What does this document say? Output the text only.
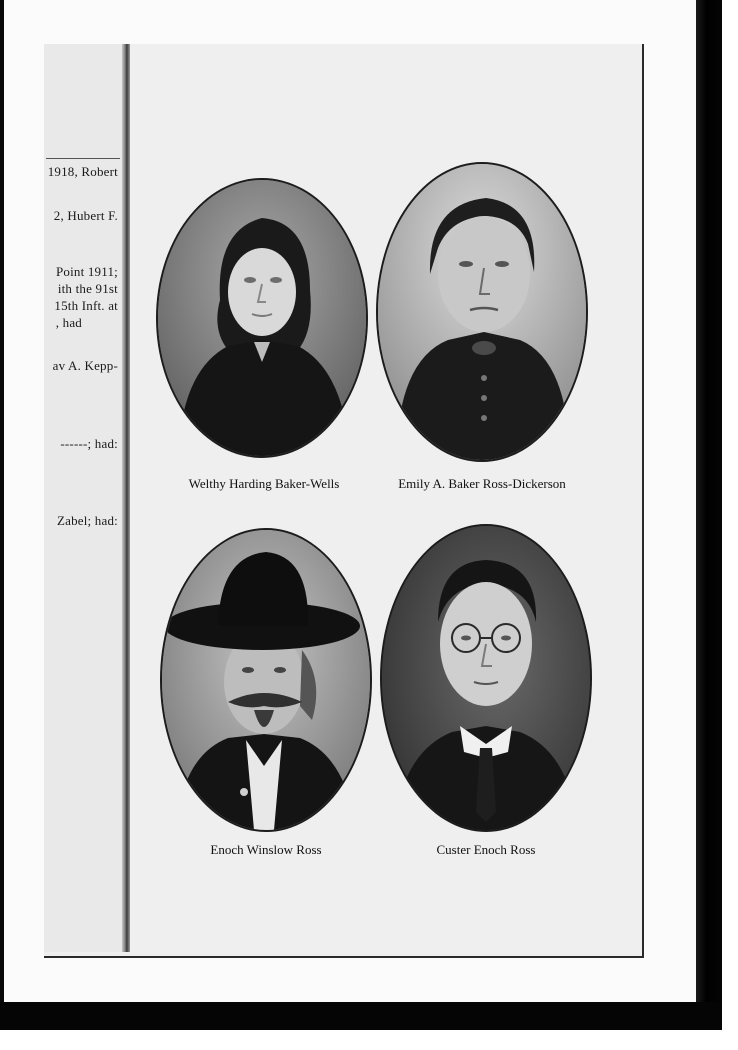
1918, Robert
2, Hubert F.
Point 1911;
ith the 91st
15th Inft. at
, had
av A. Kepp-
------; had:
Zabel; had:
Welthy Harding Baker-Wells	Emily A. Baker Ross-Dickerson
Enoch Winslow Ross	Custer Enoch Ross
